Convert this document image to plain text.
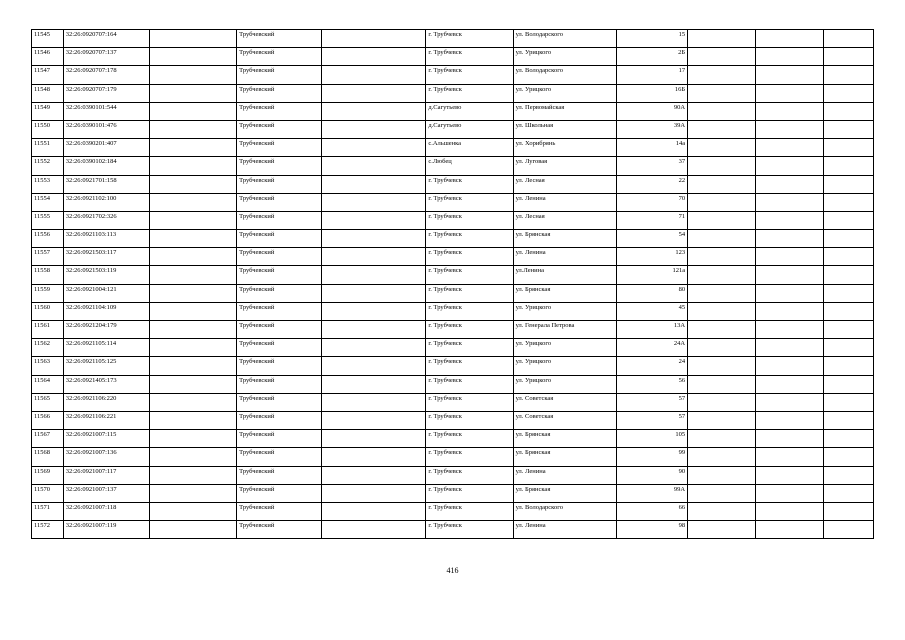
11545	32:26:0920707:164		Трубчевский		г. Трубчевск	ул. Володарского	15			
11546	32:26:0920707:137		Трубчевский		г. Трубчевск	ул. Урицкого	2Б			
11547	32:26:0920707:178		Трубчевский		г. Трубчевск	ул. Володарского	17			
11548	32:26:0920707:179		Трубчевский		г. Трубчевск	ул. Урицкого	16Б			
11549	32:26:0390101:544		Трубчевский		д.Сагутьево	ул. Первомайская	90А			
11550	32:26:0390101:476		Трубчевский		д.Сагутьево	ул. Школьная	39А			
11551	32:26:0390201:407		Трубчевский		с.Альшенка	ул. Хорибрянь	14а			
11552	32:26:0390102:184		Трубчевский		с.Любец	ул. Луговая	37			
11553	32:26:0921701:158		Трубчевский		г. Трубчевск	ул. Лесная	22			
11554	32:26:0921102:100		Трубчевский		г. Трубчевск	ул. Ленина	70			
11555	32:26:0921702:326		Трубчевский		г. Трубчевск	ул. Лесная	71			
11556	32:26:0921103:113		Трубчевский		г. Трубчевск	ул. Брянская	54			
11557	32:26:0921503:117		Трубчевский		г. Трубчевск	ул. Ленина	123			
11558	32:26:0921503:119		Трубчевский		г. Трубчевск	ул.Ленина	121а			
11559	32:26:0921004:121		Трубчевский		г. Трубчевск	ул. Брянская	80			
11560	32:26:0921104:109		Трубчевский		г. Трубчевск	ул. Урицкого	45			
11561	32:26:0921204:179		Трубчевский		г. Трубчевск	ул. Генерала Петрова	13А			
11562	32:26:0921105:114		Трубчевский		г. Трубчевск	ул. Урицкого	24А			
11563	32:26:0921105:125		Трубчевский		г. Трубчевск	ул. Урицкого	24			
11564	32:26:0921405:173		Трубчевский		г. Трубчевск	ул. Урицкого	56			
11565	32:26:0921106:220		Трубчевский		г. Трубчевск	ул. Советская	57			
11566	32:26:0921106:221		Трубчевский		г. Трубчевск	ул. Советская	57			
11567	32:26:0921007:115		Трубчевский		г. Трубчевск	ул. Брянская	105			
11568	32:26:0921007:136		Трубчевский		г. Трубчевск	ул. Брянская	99			
11569	32:26:0921007:117		Трубчевский		г. Трубчевск	ул. Ленина	90			
11570	32:26:0921007:137		Трубчевский		г. Трубчевск	ул. Брянская	99А			
11571	32:26:0921007:118		Трубчевский		г. Трубчевск	ул. Володарского	66			
11572	32:26:0921007:119		Трубчевский		г. Трубчевск	ул. Ленина	98			
416
